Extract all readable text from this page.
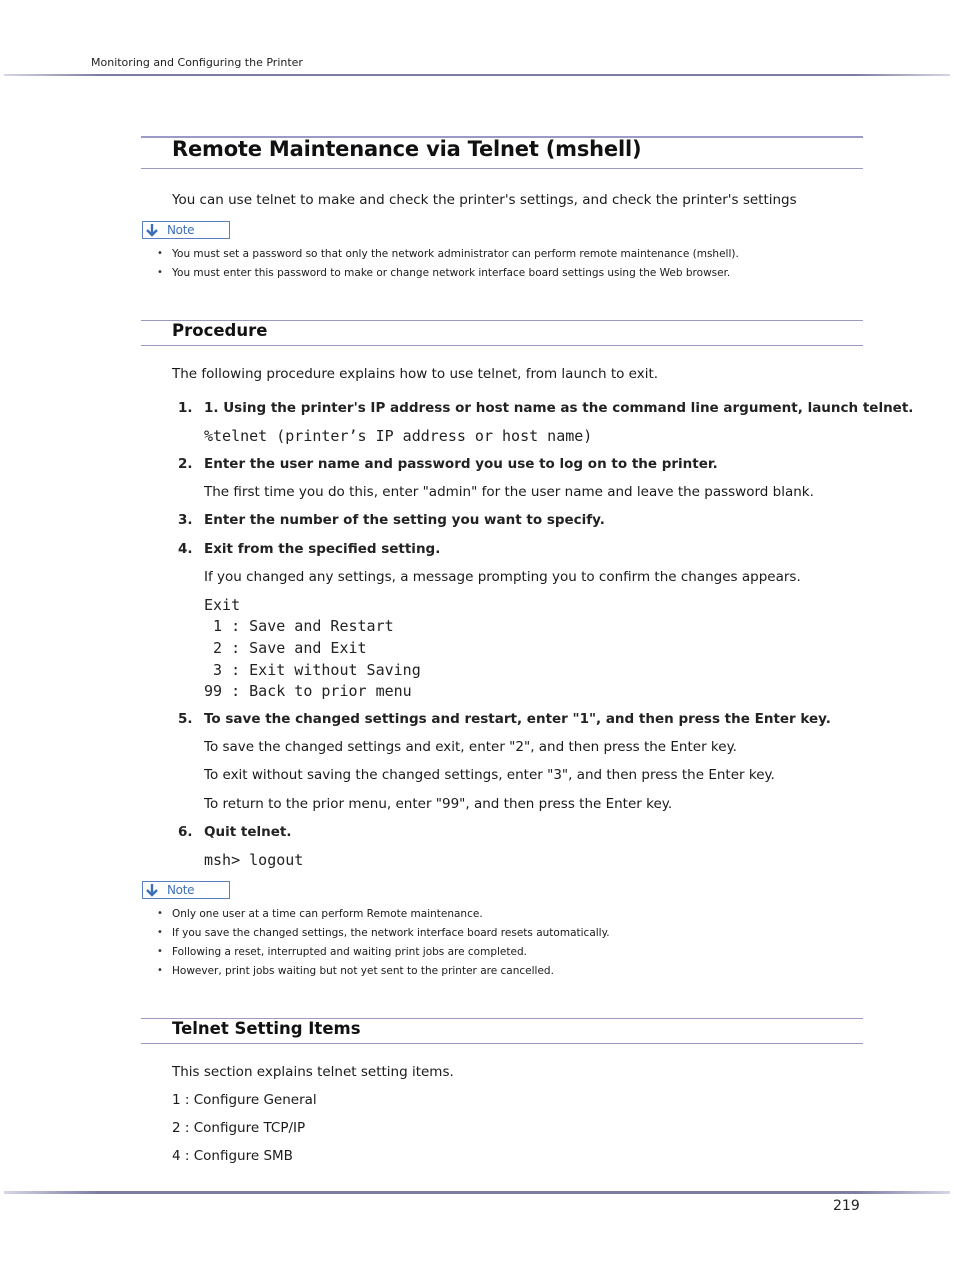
Monitoring and Configuring the Printer
Remote Maintenance via Telnet (mshell)
You can use telnet to make and check the printer's settings, and check the printer's settings
Note
• You must set a password so that only the network administrator can perform remote maintenance (mshell).
• You must enter this password to make or change network interface board settings using the Web browser.
Procedure
The following procedure explains how to use telnet, from launch to exit.
1. 1. Using the printer's IP address or host name as the command line argument, launch telnet.
%telnet (printer’s IP address or host name)
2. Enter the user name and password you use to log on to the printer.
The first time you do this, enter "admin" for the user name and leave the password blank.
3. Enter the number of the setting you want to specify.
4. Exit from the specified setting.
If you changed any settings, a message prompting you to confirm the changes appears.
Exit
1 : Save and Restart
2 : Save and Exit
3 : Exit without Saving
99 : Back to prior menu
5. To save the changed settings and restart, enter "1", and then press the Enter key.
To save the changed settings and exit, enter "2", and then press the Enter key.
To exit without saving the changed settings, enter "3", and then press the Enter key.
To return to the prior menu, enter "99", and then press the Enter key.
6. Quit telnet.
msh> logout
Note
• Only one user at a time can perform Remote maintenance.
• If you save the changed settings, the network interface board resets automatically.
• Following a reset, interrupted and waiting print jobs are completed.
• However, print jobs waiting but not yet sent to the printer are cancelled.
Telnet Setting Items
This section explains telnet setting items.
1 : Configure General
2 : Configure TCP/IP
4 : Configure SMB
219
